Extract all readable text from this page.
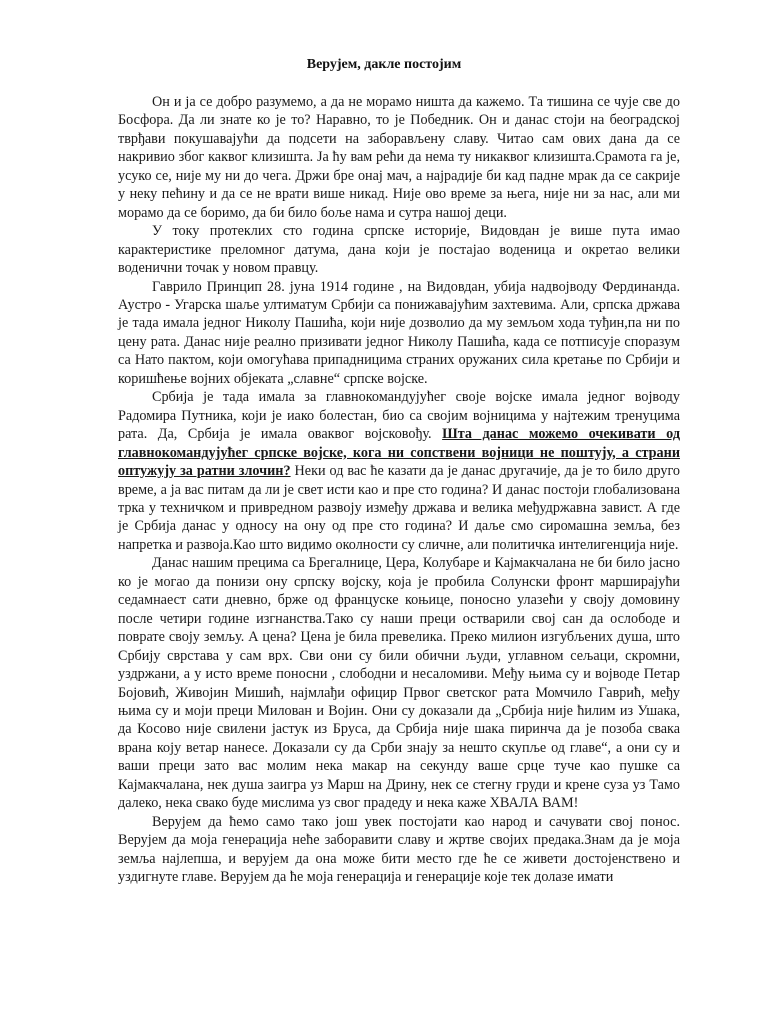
Верујем, дакле постојим

Он и ја се добро разумемо, а да не морамо ништа да кажемо. Та тишина се чује све до Босфора. Да ли знате ко је то? Наравно, то је Победник. Он и данас стоји на београдској тврђави покушавајући да подсети на заборављену славу. Читао сам ових дана да се накривио због каквог клизишта. Ја ћу вам рећи да нема ту никаквог клизишта.Срамота га је, усуко се, није му ни до чега. Држи бре онај мач, а најрадије би кад падне мрак да се сакрије у неку пећину и да се не врати више никад. Није ово време за њега, није ни за нас, али ми морамо да се боримо, да би било боље нама и сутра нашој деци.

У току протеклих сто година српске историје, Видовдан је више пута имао карактеристике преломног датума, дана који је постајао воденица и окретао велики воденични точак у новом правцу.

Гаврило Принцип 28. јуна 1914 године , на Видовдан, убија надвојводу Фердинанда. Аустро - Угарска шаље ултиматум Србији са понижавајућим захтевима. Али, српска држава је тада имала једног Николу Пашића, који није дозволио да му земљом хода туђин,па ни по цену рата. Данас није реално призивати једног Николу Пашића, када се потписује споразум са Нато пактом, који омогућава припадницима страних оружаних сила кретање по Србији и коришћење војних објеката „славне“ српске војске.

Србија је тада имала за главнокомандујућег своје војске имала једног војводу Радомира Путника, који је иако болестан, био са својим војницима у најтежим тренуцима рата. Да, Србија је имала оваквог војсковођу. Шта данас можемо очекивати од главнокомандујућег српске војске, кога ни сопствени војници не поштују, а страни оптужују за ратни злочин? Неки од вас ће казати да је данас другачије, да је то било друго време, а ја вас питам да ли је свет исти као и пре сто година? И данас постоји глобализована трка у техничком и привредном развоју између држава и велика међудржавна завист. А где је Србија данас у односу на ону од пре сто година? И даље смо сиромашна земља, без напретка и развоја.Као што видимо околности су сличне, али политичка интелигенција није.

Данас нашим прецима са Брегалнице, Цера, Колубаре и Кајмакчалана не би било јасно ко је могао да понизи ону српску војску, која је пробила Солунски фронт марширајући седамнаест сати дневно, брже од француске коњице, поносно улазећи у своју домовину после четири године изгнанства.Тако су наши преци остварили свој сан да ослободе и поврате своју земљу. А цена? Цена је била превелика. Преко милион изгубљених душа, што Србију сврстава у сам врх. Сви они су били обични људи, углавном сељаци, скромни, уздржани, а у исто време поносни , слободни и несаломиви. Међу њима су и војводе Петар Бојовић, Живојин Мишић, најмлађи официр Првог светског рата Момчило Гаврић, међу њима су и моји преци Милован и Војин. Они су доказали да „Србија није ћилим из Ушака, да Косово није свилени јастук из Бруса, да Србија није шака пиринча да је позоба свака врана коју ветар нанесе. Доказали су да Срби знају за нешто скупље од главе“, а они су и ваши преци зато вас молим нека макар на секунду ваше срце туче као пушке са Кајмакчалана, нек душа заигра уз Марш на Дрину, нек се стегну груди и крене суза уз Тамо далеко, нека свако буде мислима уз свог прадеду и нека каже ХВАЛА ВАМ!

Верујем да ћемо само тако још увек постојати као народ и сачувати свој понос. Верујем да моја генерација неће заборавити славу и жртве својих предака.Знам да је моја земља најлепша, и верујем да она може бити место где ће се живети достојенствено и уздигнуте главе. Верујем да ће моја генерација и генерације које тек долазе имати
